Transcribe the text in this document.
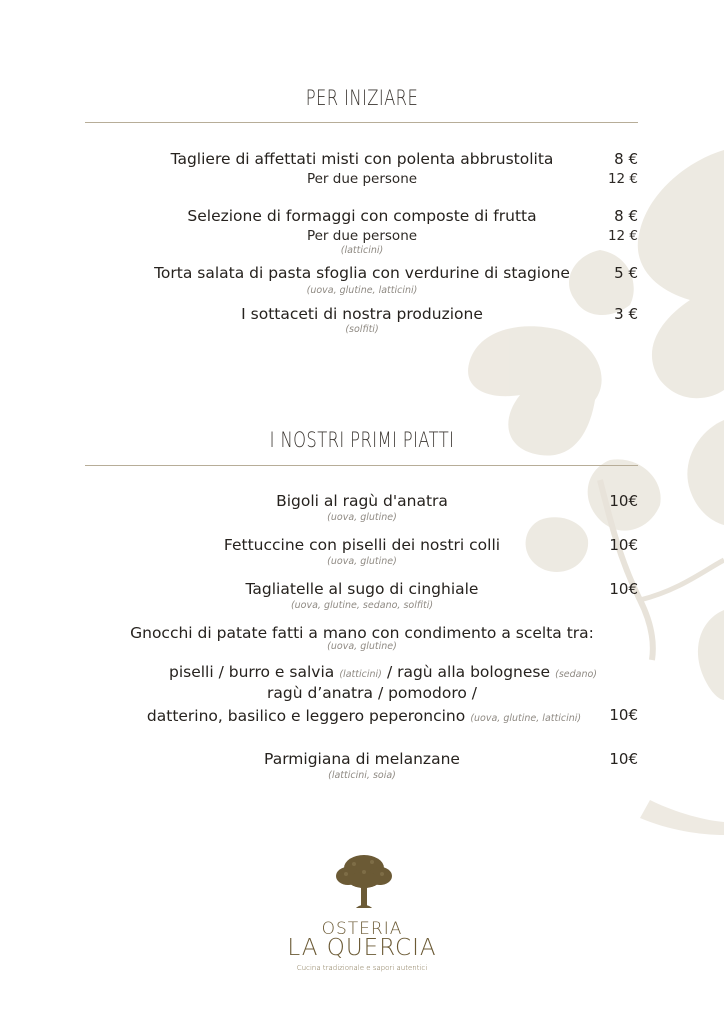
PER INIZIARE
Tagliere di affettati misti con polenta abbrustolita	8 €
Per due persone	12 €
Selezione di formaggi con composte di frutta	8 €
Per due persone	12 €
(latticini)
Torta salata di pasta sfoglia con verdurine di stagione	5 €
(uova, glutine, latticini)
I sottaceti di nostra produzione	3 €
(solfiti)
I NOSTRI PRIMI PIATTI
Bigoli al ragù d'anatra	10€
(uova, glutine)
Fettuccine con piselli dei nostri colli	10€
(uova, glutine)
Tagliatelle al sugo di cinghiale	10€
(uova, glutine, sedano, solfiti)
Gnocchi di patate fatti a mano con condimento a scelta tra:
(uova, glutine)
piselli / burro e salvia (latticini) / ragù alla bolognese (sedano)
ragù d’anatra / pomodoro /
datterino, basilico e leggero peperoncino (uova, glutine, latticini) 10€
Parmigiana di melanzane	10€
(latticini, soia)
OSTERIA
LA QUERCIA
Cucina tradizionale e sapori autentici
